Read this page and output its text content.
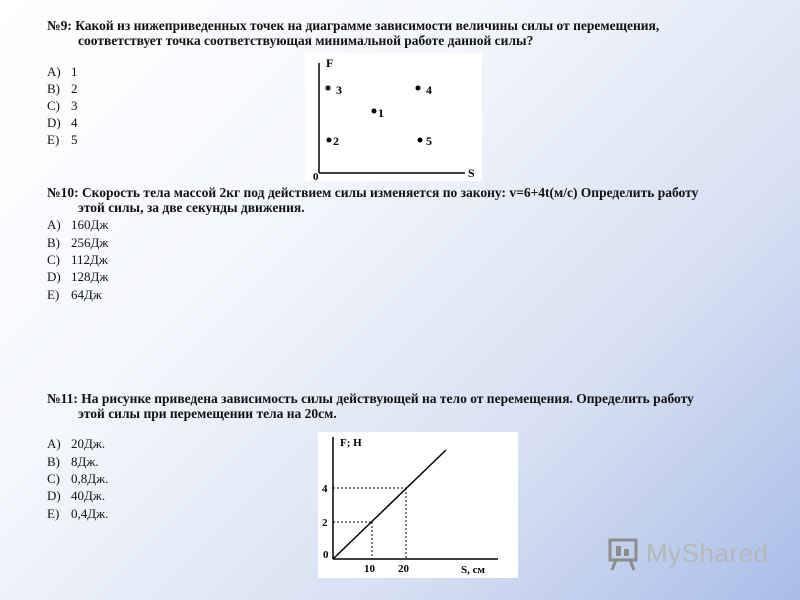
№9: Какой из нижеприведенных точек на диаграмме зависимости величины силы от перемещения,
соответствует точка соответствующая минимальной работе данной силы?
A) 1
B) 2
C) 3
D) 4
E) 5
F
S
0
3	4
1
2	5
№10: Скорость тела массой 2кг под действием силы изменяется по закону: v=6+4t(м/с) Определить работу
этой силы, за две секунды движения.
A) 160Дж
B) 256Дж
C) 112Дж
D) 128Дж
E) 64Дж
№11: На рисунке приведена зависимость силы действующей на тело от перемещения. Определить работу
этой силы при перемещении тела на 20см.
A) 20Дж.
B) 8Дж.
C) 0,8Дж.
D) 40Дж.
E) 0,4Дж.
F; H
S, см
0
2
4
10 20
MyShared
